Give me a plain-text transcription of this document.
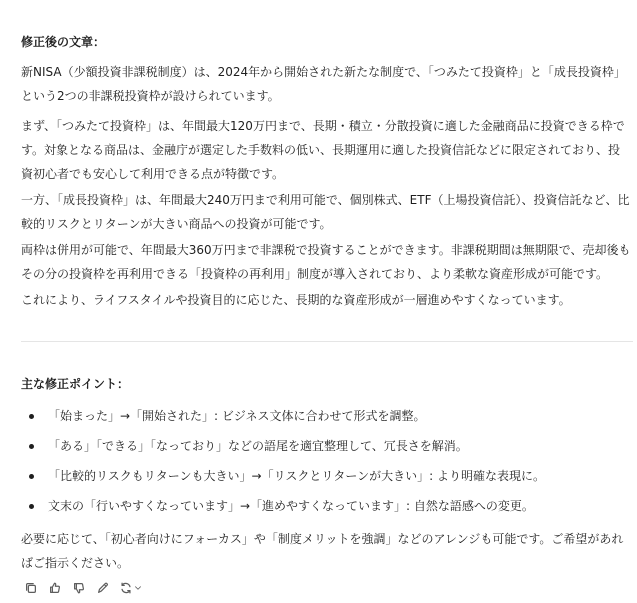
修正後の文章：

新NISA（少額投資非課税制度）は、2024年から開始された新たな制度で、「つみたて投資枠」と「成長投資枠」という2つの非課税投資枠が設けられています。

まず、「つみたて投資枠」は、年間最大120万円まで、長期・積立・分散投資に適した金融商品に投資できる枠です。対象となる商品は、金融庁が選定した手数料の低い、長期運用に適した投資信託などに限定されており、投資初心者でも安心して利用できる点が特徴です。

一方、「成長投資枠」は、年間最大240万円まで利用可能で、個別株式、ETF（上場投資信託）、投資信託など、比較的リスクとリターンが大きい商品への投資が可能です。

両枠は併用が可能で、年間最大360万円まで非課税で投資することができます。非課税期間は無期限で、売却後もその分の投資枠を再利用できる「投資枠の再利用」制度が導入されており、より柔軟な資産形成が可能です。

これにより、ライフスタイルや投資目的に応じた、長期的な資産形成が一層進めやすくなっています。

主な修正ポイント：

「始まった」→「開始された」: ビジネス文体に合わせて形式を調整。
「ある」「できる」「なっており」などの語尾を適宜整理して、冗長さを解消。
「比較的リスクもリターンも大きい」→「リスクとリターンが大きい」: より明確な表現に。
文末の「行いやすくなっています」→「進めやすくなっています」: 自然な語感への変更。

必要に応じて、「初心者向けにフォーカス」や「制度メリットを強調」などのアレンジも可能です。ご希望があればご指示ください。
